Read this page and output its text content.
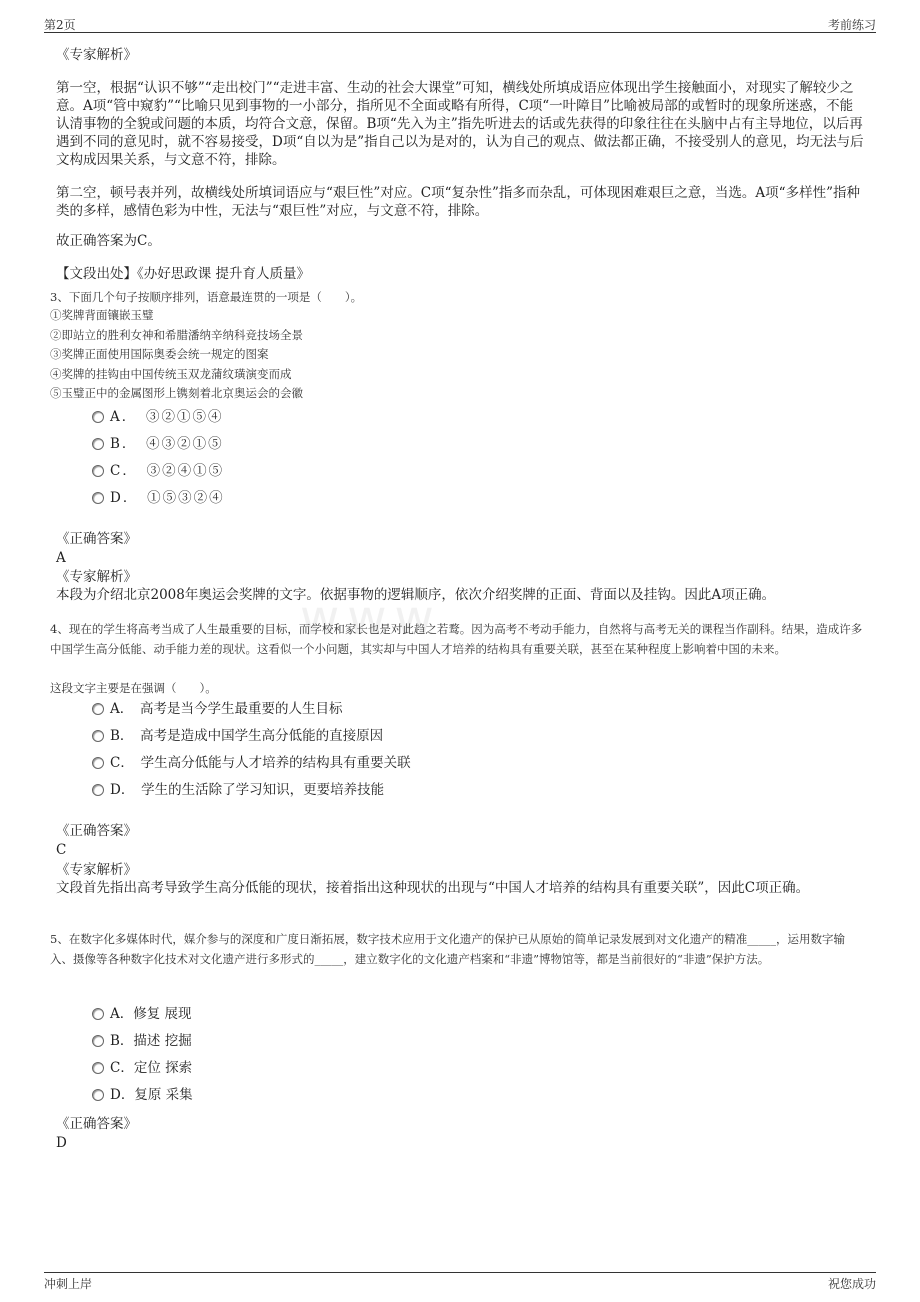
第2页	考前练习
www
《专家解析》
第一空，根据“认识不够”“走出校门”“走进丰富、生动的社会大课堂”可知，横线处所填成语应体现出学生接触面小，对现实了解较少之意。A项“管中窥豹”“比喻只见到事物的一小部分，指所见不全面或略有所得，C项“一叶障目”比喻被局部的或暂时的现象所迷惑，不能认清事物的全貌或问题的本质，均符合文意，保留。B项“先入为主”指先听进去的话或先获得的印象往往在头脑中占有主导地位，以后再遇到不同的意见时，就不容易接受，D项“自以为是”指自己以为是对的，认为自己的观点、做法都正确，不接受别人的意见，均无法与后文构成因果关系，与文意不符，排除。
第二空，顿号表并列，故横线处所填词语应与“艰巨性”对应。C项“复杂性”指多而杂乱，可体现困难艰巨之意，当选。A项“多样性”指种类的多样，感情色彩为中性，无法与“艰巨性”对应，与文意不符，排除。
故正确答案为C。
【文段出处】《办好思政课 提升育人质量》
3、下面几个句子按顺序排列，语意最连贯的一项是（　　）。
①奖牌背面镶嵌玉璧
②即站立的胜利女神和希腊潘纳辛纳科竞技场全景
③奖牌正面使用国际奥委会统一规定的图案
④奖牌的挂钩由中国传统玉双龙蒲纹璜演变而成
⑤玉璧正中的金属图形上镌刻着北京奥运会的会徽
A．　③②①⑤④
B．　④③②①⑤
C．　③②④①⑤
D．　①⑤③②④
《正确答案》
A
《专家解析》
本段为介绍北京2008年奥运会奖牌的文字。依据事物的逻辑顺序，依次介绍奖牌的正面、背面以及挂钩。因此A项正确。
4、现在的学生将高考当成了人生最重要的目标，而学校和家长也是对此趋之若鹜。因为高考不考动手能力，自然将与高考无关的课程当作副科。结果，造成许多中国学生高分低能、动手能力差的现状。这看似一个小问题，其实却与中国人才培养的结构具有重要关联，甚至在某种程度上影响着中国的未来。
这段文字主要是在强调（　　）。
A．　高考是当今学生最重要的人生目标
B．　高考是造成中国学生高分低能的直接原因
C．　学生高分低能与人才培养的结构具有重要关联
D．　学生的生活除了学习知识，更要培养技能
《正确答案》
C
《专家解析》
文段首先指出高考导致学生高分低能的现状，接着指出这种现状的出现与“中国人才培养的结构具有重要关联”，因此C项正确。
5、在数字化多媒体时代，媒介参与的深度和广度日渐拓展，数字技术应用于文化遗产的保护已从原始的简单记录发展到对文化遗产的精准_____，运用数字输入、摄像等各种数字化技术对文化遗产进行多形式的_____，建立数字化的文化遗产档案和“非遗”博物馆等，都是当前很好的“非遗”保护方法。
A．修复 展现
B．描述 挖掘
C．定位 探索
D．复原 采集
《正确答案》
D
冲刺上岸	祝您成功
